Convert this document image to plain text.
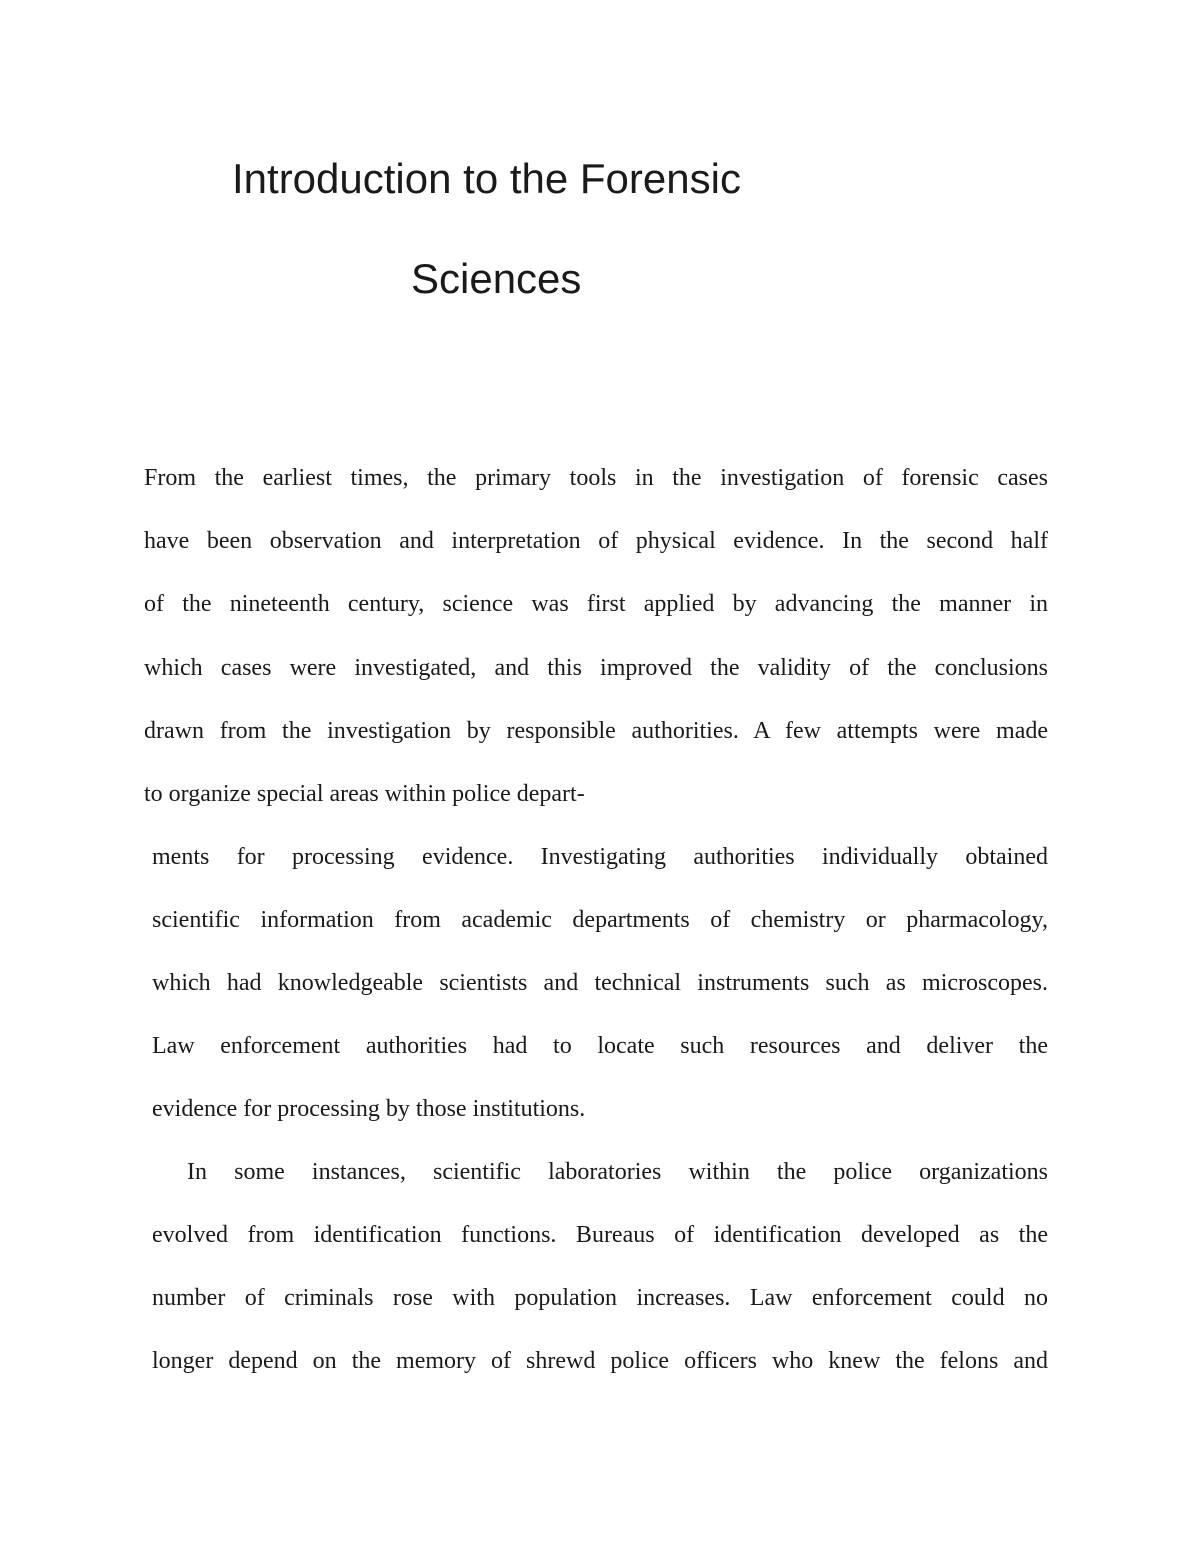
Introduction to the Forensic
Sciences

From the earliest times, the primary tools in the investigation of forensic cases

have been observation and interpretation of physical evidence. In the second half

of the nineteenth century, science was first applied by advancing the manner in

which cases were investigated, and this improved the validity of the conclusions

drawn from the investigation by responsible authorities. A few attempts were made

to organize special areas within police depart-

ments for processing evidence. Investigating authorities individually obtained

scientific information from academic departments of chemistry or pharmacology,

which had knowledgeable scientists and technical instruments such as microscopes.

Law enforcement authorities had to locate such resources and deliver the

evidence for processing by those institutions.

In some instances, scientific laboratories within the police organizations

evolved from identification functions. Bureaus of identification developed as the

number of criminals rose with population increases. Law enforcement could no

longer depend on the memory of shrewd police officers who knew the felons and
